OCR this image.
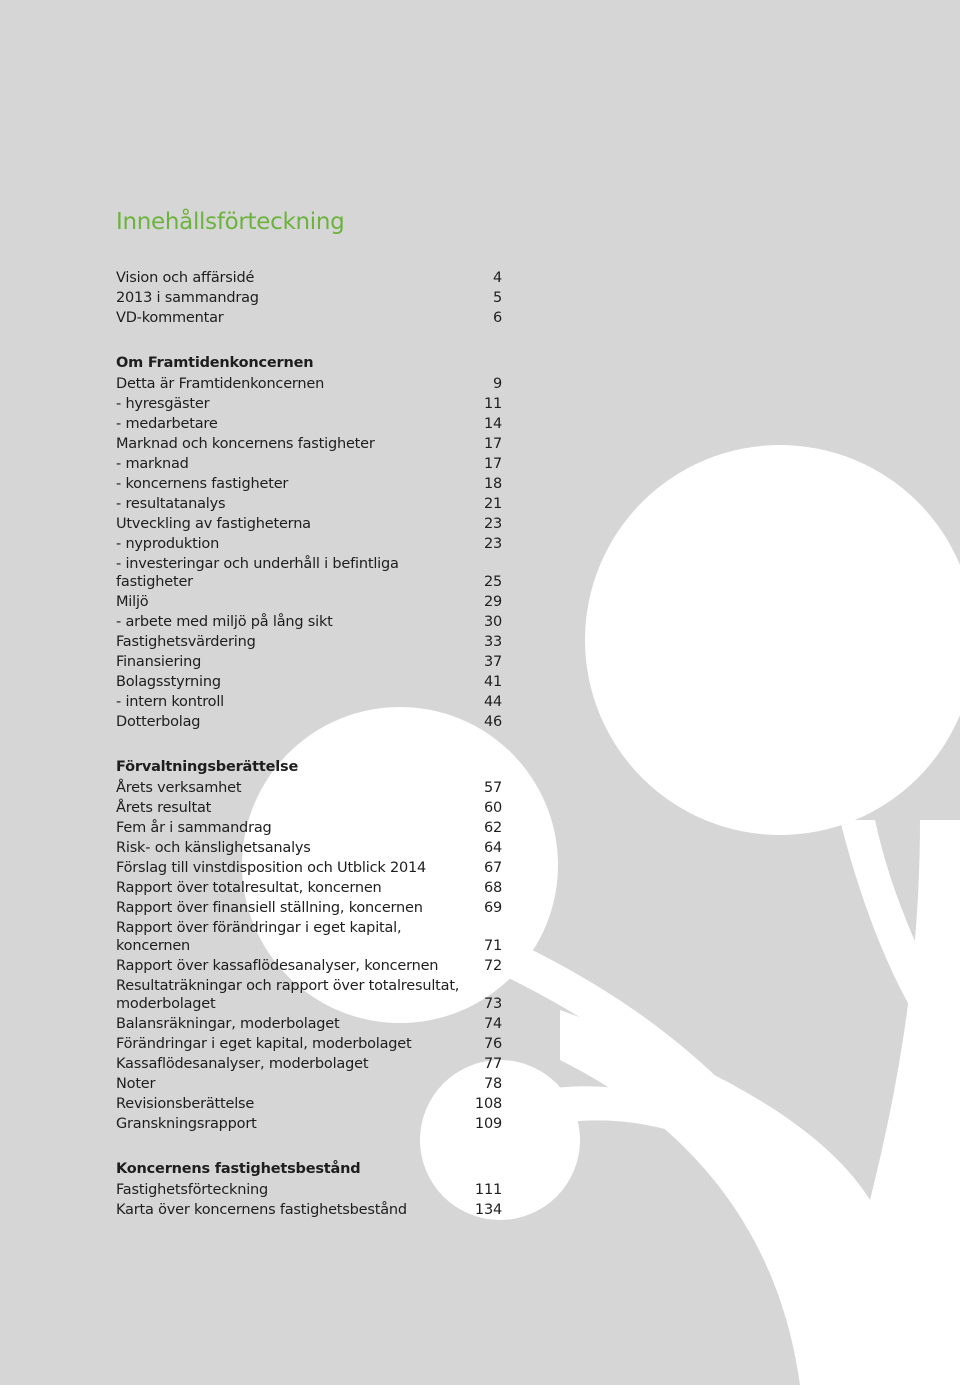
Innehållsförteckning
Vision och affärsidé	4
2013 i sammandrag	5
VD-kommentar	6
Om Framtidenkoncernen
Detta är Framtidenkoncernen	9
- hyresgäster	11
- medarbetare	14
Marknad och koncernens fastigheter	17
- marknad	17
- koncernens fastigheter	18
- resultatanalys	21
Utveckling av fastigheterna	23
- nyproduktion	23
- investeringar och underhåll i befintliga fastigheter	25
Miljö	29
- arbete med miljö på lång sikt	30
Fastighetsvärdering	33
Finansiering	37
Bolagsstyrning	41
- intern kontroll	44
Dotterbolag	46
Förvaltningsberättelse
Årets verksamhet	57
Årets resultat	60
Fem år i sammandrag	62
Risk- och känslighetsanalys	64
Förslag till vinstdisposition och Utblick 2014	67
Rapport över totalresultat, koncernen	68
Rapport över finansiell ställning, koncernen	69
Rapport över förändringar i eget kapital, koncernen	71
Rapport över kassaflödesanalyser, koncernen	72
Resultaträkningar och rapport över totalresultat, moderbolaget	73
Balansräkningar, moderbolaget	74
Förändringar i eget kapital, moderbolaget	76
Kassaflödesanalyser, moderbolaget	77
Noter	78
Revisionsberättelse	108
Granskningsrapport	109
Koncernens fastighetsbestånd
Fastighetsförteckning	111
Karta över koncernens fastighetsbestånd	134
